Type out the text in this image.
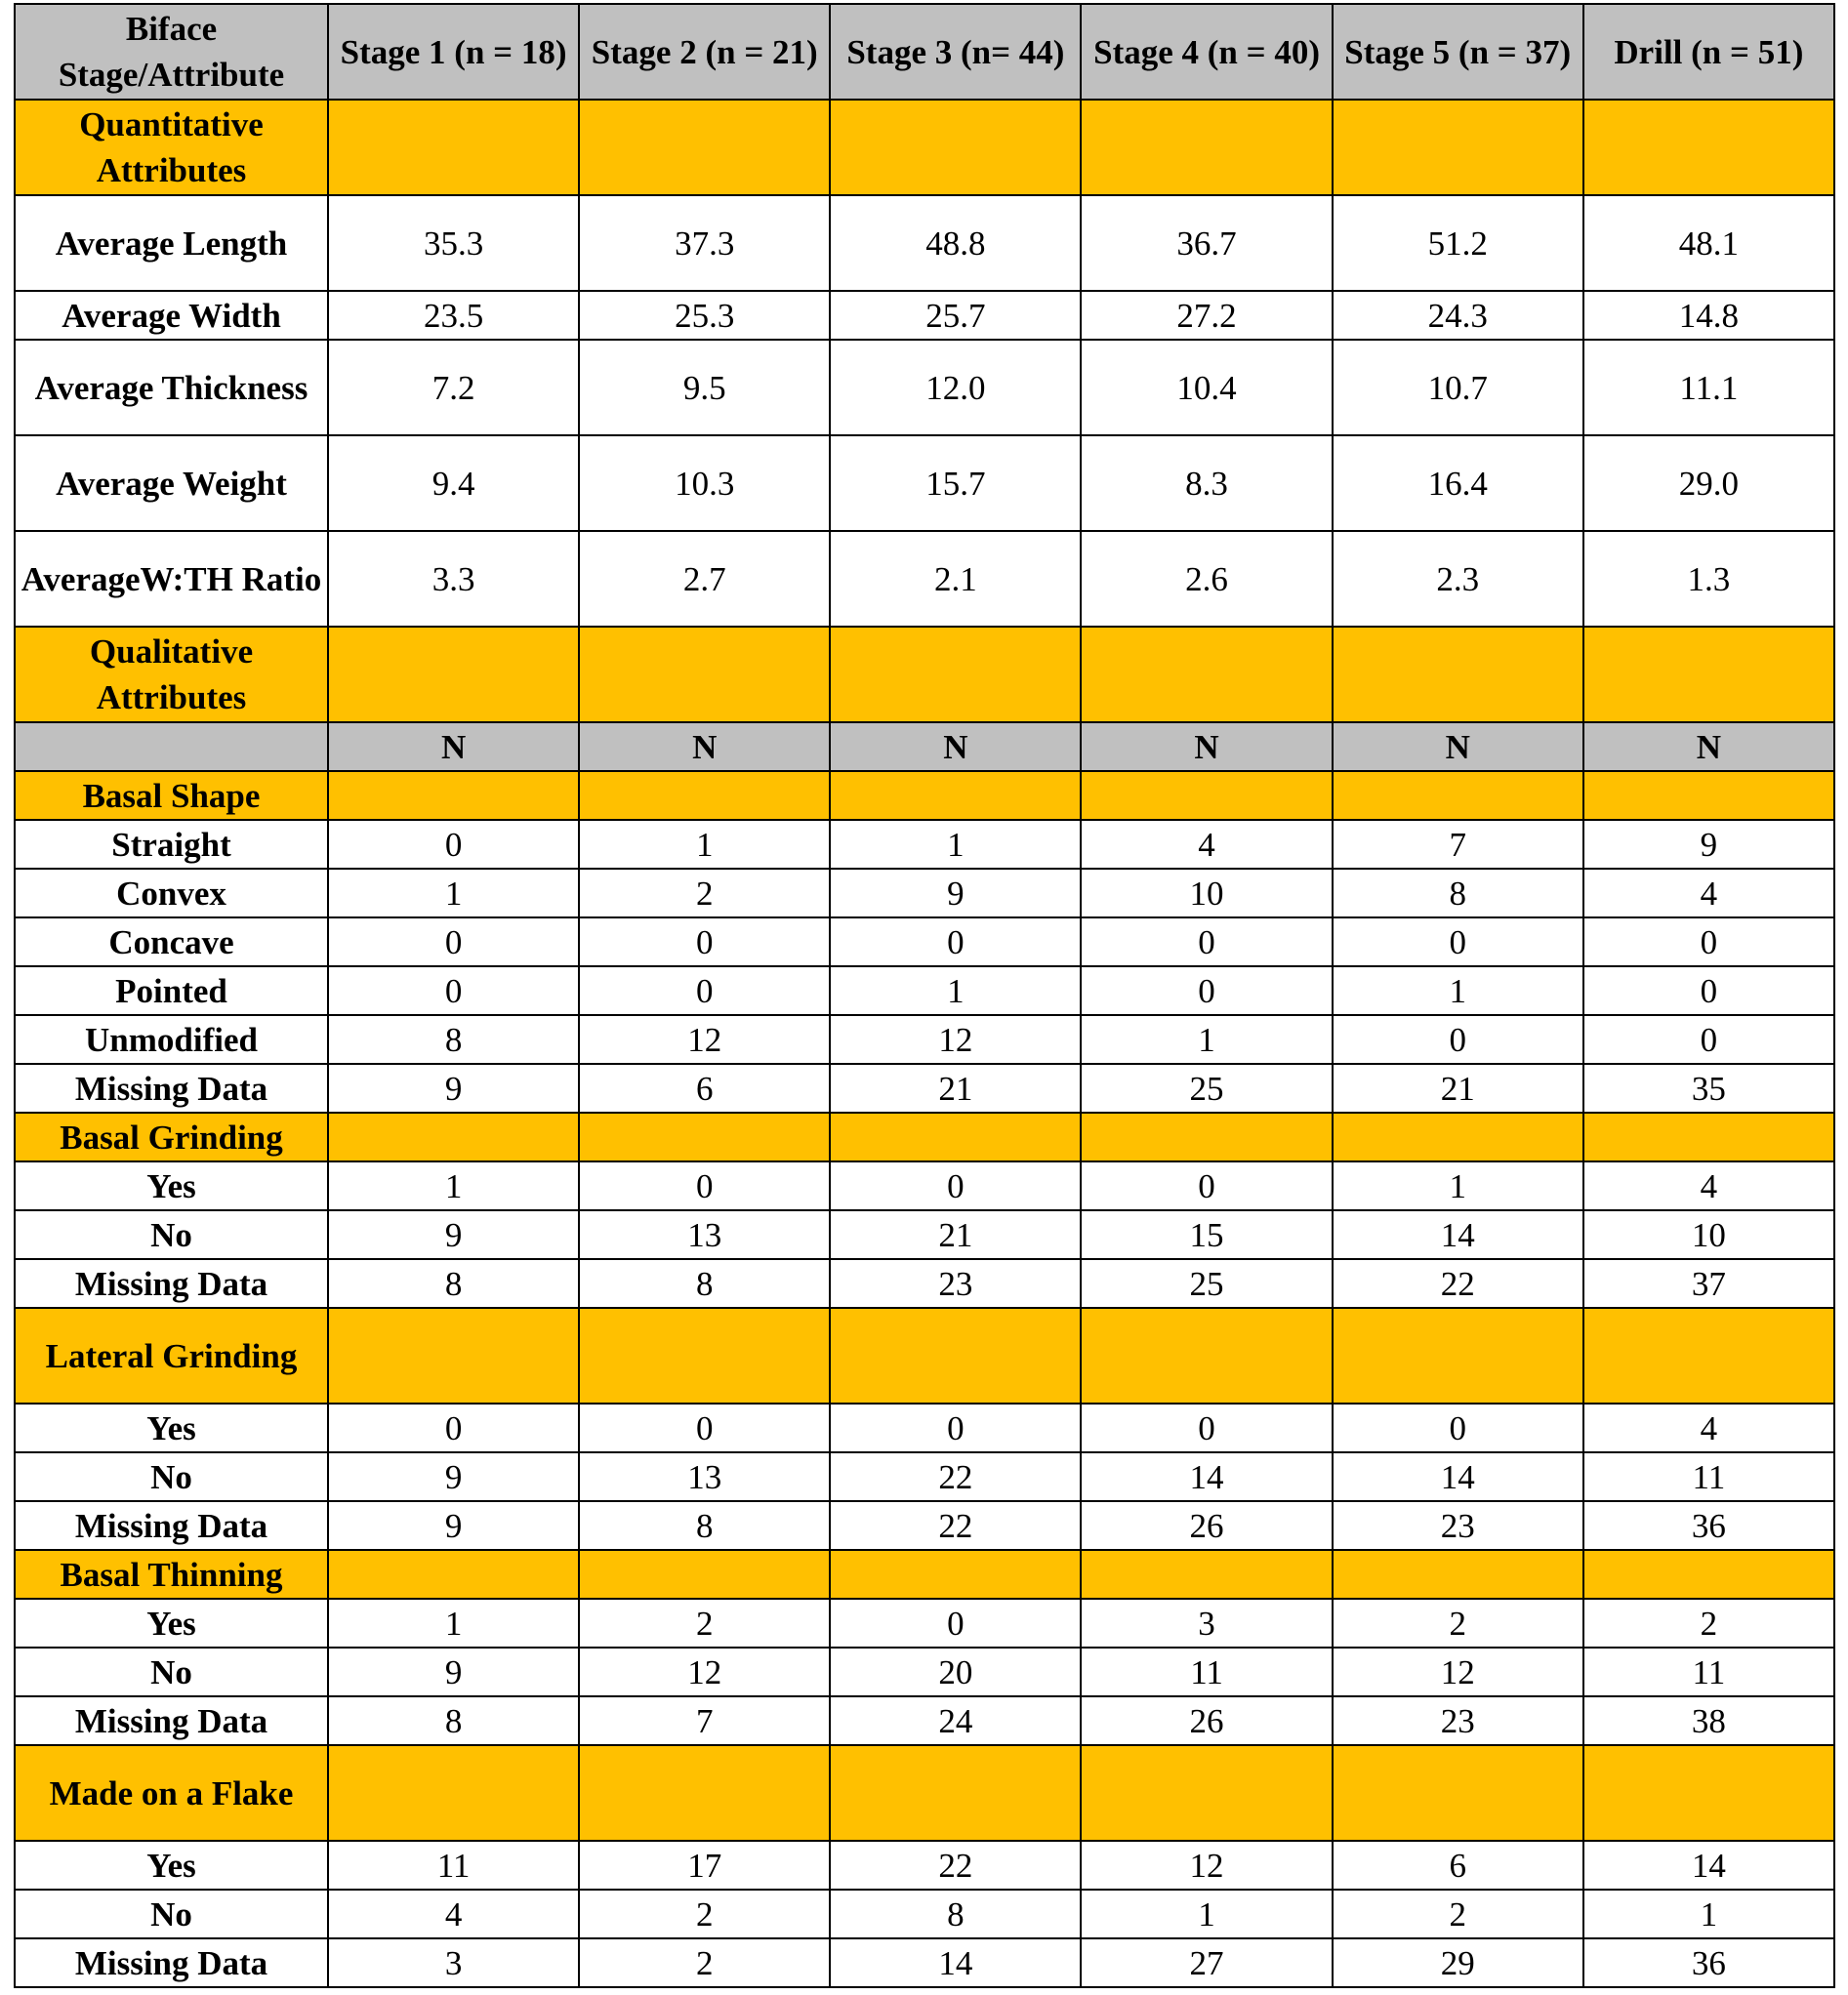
Biface Stage/Attribute	Stage 1 (n = 18)	Stage 2 (n = 21)	Stage 3 (n= 44)	Stage 4 (n = 40)	Stage 5 (n = 37)	Drill (n = 51)
Quantitative Attributes						
Average Length	35.3	37.3	48.8	36.7	51.2	48.1
Average Width	23.5	25.3	25.7	27.2	24.3	14.8
Average Thickness	7.2	9.5	12.0	10.4	10.7	11.1
Average Weight	9.4	10.3	15.7	8.3	16.4	29.0
AverageW:TH Ratio	3.3	2.7	2.1	2.6	2.3	1.3
Qualitative Attributes						
	N	N	N	N	N	N
Basal Shape						
Straight	0	1	1	4	7	9
Convex	1	2	9	10	8	4
Concave	0	0	0	0	0	0
Pointed	0	0	1	0	1	0
Unmodified	8	12	12	1	0	0
Missing Data	9	6	21	25	21	35
Basal Grinding						
Yes	1	0	0	0	1	4
No	9	13	21	15	14	10
Missing Data	8	8	23	25	22	37
Lateral Grinding						
Yes	0	0	0	0	0	4
No	9	13	22	14	14	11
Missing Data	9	8	22	26	23	36
Basal Thinning						
Yes	1	2	0	3	2	2
No	9	12	20	11	12	11
Missing Data	8	7	24	26	23	38
Made on a Flake						
Yes	11	17	22	12	6	14
No	4	2	8	1	2	1
Missing Data	3	2	14	27	29	36
